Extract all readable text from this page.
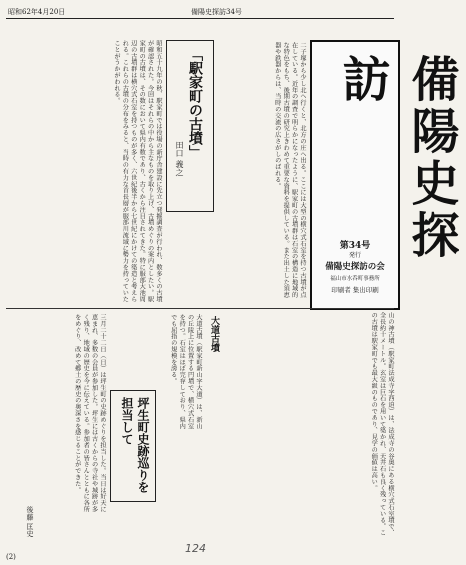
昭和62年4月20日	備陽史探訪34号
備陽史探訪
第34号
発行
備陽史探訪の会
福山市水呑町事務所
印刷者 集出印刷
二子塚から少し北へ行くと、北方の庄へ出る。ここには大型の横穴式石室を持つ古墳が点在している。近年の調査で明らかになったように、駅家町の古墳群は石室の構造に地域的な特色をもち、後期古墳の研究上きわめて重要な資料を提供している。また出土した須恵器や鉄器からは、当時の交流の広さがしのばれる。
「駅家町の古墳」
田口 義之
昭和五十九年の秋、駅家町では役場の新庁舎建設に先立つ発掘調査が行われ、数多くの古墳が確認された。今回はそれらの中から主なものを取り上げ、古墳めぐりの案内としたい。駅家町の古墳は、その数において県内有数であり、古くから注目されてきた。特に服部大池周辺の古墳群は横穴式石室を持つものが多く、六世紀後半から七世紀にかけての築造と考えられる。これらの古墳の分布をみると、当時の有力な首長層が服部川流域に勢力を持っていたことがうかがわれる。
山の神古墳（駅家町法成寺字西迫）は、法成寺の谷奥にある横穴式石室墳で、全長約十メートル。玄室は巨石を用いて築かれ、天井石も良く残っている。この古墳は駅家町でも最大級のものであり、見学の価値は高い。
大道古墳
大道古墳（駅家町新山字大道）は、新山の丘陵上に位置する円墳で、横穴式石室を持つ。石室はほぼ完存しており、県内でも屈指の規模を誇る。
坪生町史跡巡りを担当して
三月二十二日（日）は坪生町の史跡めぐりを担当した。当日は好天に恵まれ、多数の会員が参加した。坪生には古くからの寺社や城跡が多く残り、地域の歴史を今に伝えている。参加者の皆さんとともに各所をめぐり、改めて郷土の歴史の奥深さを感じることができた。
後藤 匡史
(2)
124
